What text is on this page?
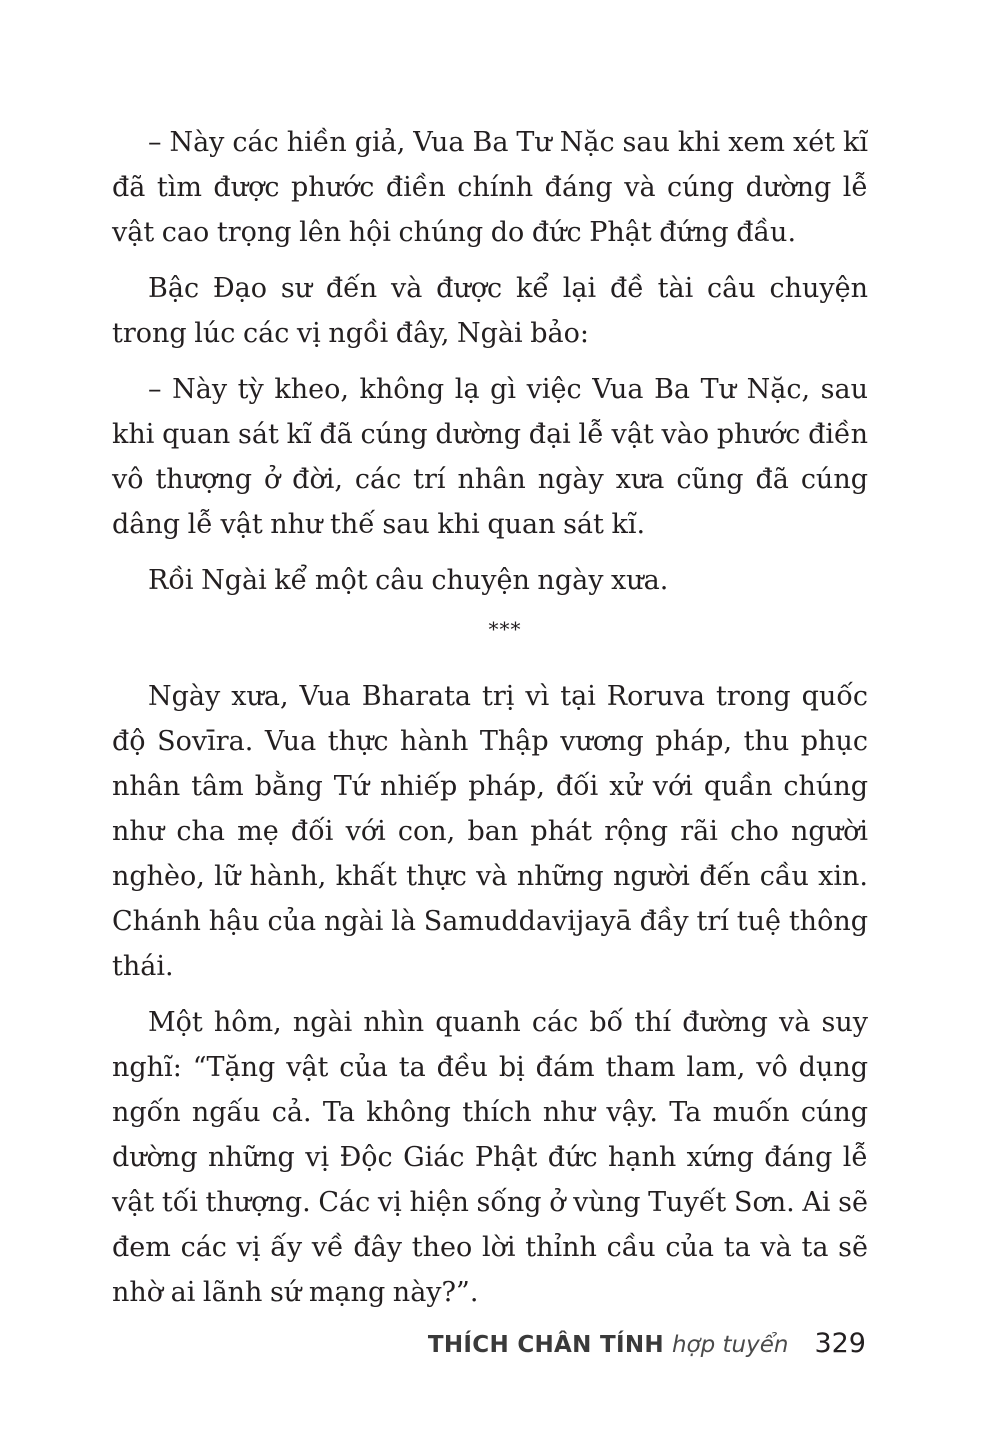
– Này các hiền giả, Vua Ba Tư Nặc sau khi xem xét kĩ đã tìm được phước điền chính đáng và cúng dường lễ vật cao trọng lên hội chúng do đức Phật đứng đầu.

Bậc Đạo sư đến và được kể lại đề tài câu chuyện trong lúc các vị ngồi đây, Ngài bảo:

– Này tỳ kheo, không lạ gì việc Vua Ba Tư Nặc, sau khi quan sát kĩ đã cúng dường đại lễ vật vào phước điền vô thượng ở đời, các trí nhân ngày xưa cũng đã cúng dâng lễ vật như thế sau khi quan sát kĩ.

Rồi Ngài kể một câu chuyện ngày xưa.

***

Ngày xưa, Vua Bharata trị vì tại Roruva trong quốc độ Sovīra. Vua thực hành Thập vương pháp, thu phục nhân tâm bằng Tứ nhiếp pháp, đối xử với quần chúng như cha mẹ đối với con, ban phát rộng rãi cho người nghèo, lữ hành, khất thực và những người đến cầu xin. Chánh hậu của ngài là Samuddavijayā đầy trí tuệ thông thái.

Một hôm, ngài nhìn quanh các bố thí đường và suy nghĩ: “Tặng vật của ta đều bị đám tham lam, vô dụng ngốn ngấu cả. Ta không thích như vậy. Ta muốn cúng dường những vị Độc Giác Phật đức hạnh xứng đáng lễ vật tối thượng. Các vị hiện sống ở vùng Tuyết Sơn. Ai sẽ đem các vị ấy về đây theo lời thỉnh cầu của ta và ta sẽ nhờ ai lãnh sứ mạng này?”.

THÍCH CHÂN TÍNH hợp tuyển 329
